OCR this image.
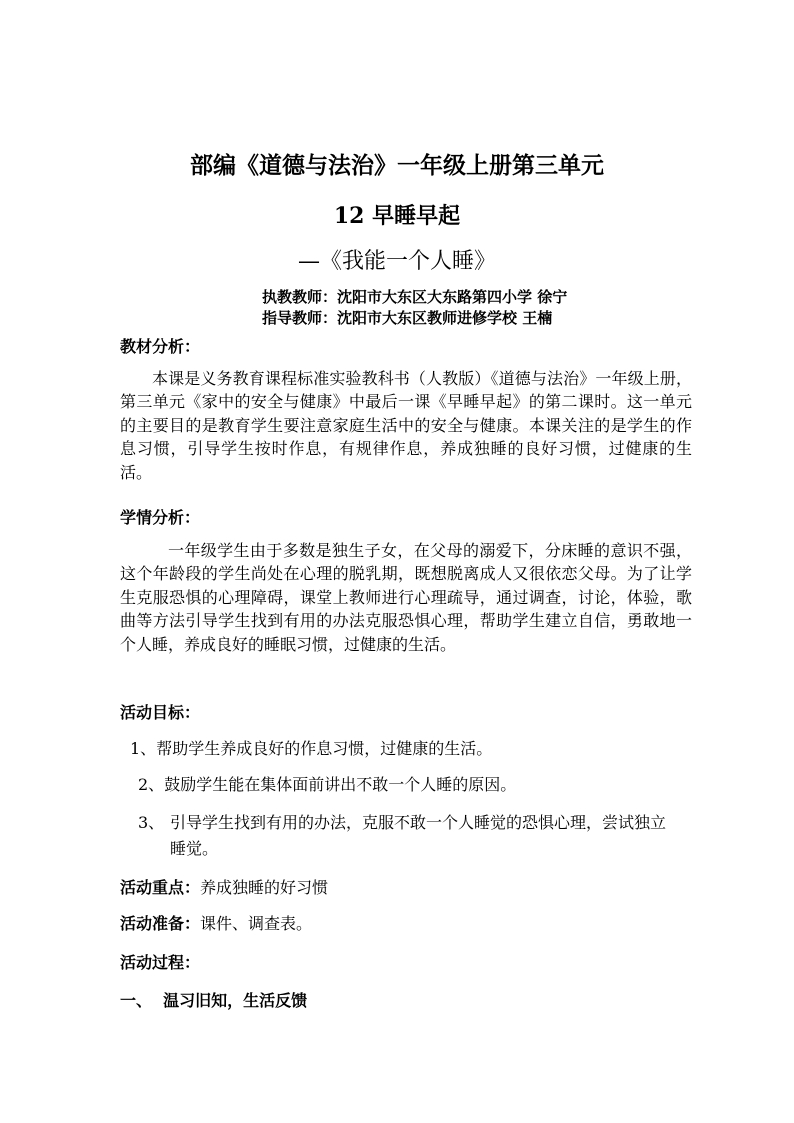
部编《道德与法治》一年级上册第三单元
12 早睡早起
—《我能一个人睡》
执教教师：沈阳市大东区大东路第四小学 徐宁
指导教师：沈阳市大东区教师进修学校 王楠
教材分析：
本课是义务教育课程标准实验教科书（人教版）《道德与法治》一年级上册，第三单元《家中的安全与健康》中最后一课《早睡早起》的第二课时。这一单元的主要目的是教育学生要注意家庭生活中的安全与健康。本课关注的是学生的作息习惯，引导学生按时作息，有规律作息，养成独睡的良好习惯，过健康的生活。
学情分析：
一年级学生由于多数是独生子女，在父母的溺爱下，分床睡的意识不强，这个年龄段的学生尚处在心理的脱乳期，既想脱离成人又很依恋父母。为了让学生克服恐惧的心理障碍，课堂上教师进行心理疏导，通过调查，讨论，体验，歌曲等方法引导学生找到有用的办法克服恐惧心理，帮助学生建立自信，勇敢地一个人睡，养成良好的睡眠习惯，过健康的生活。
活动目标：
1、帮助学生养成良好的作息习惯，过健康的生活。
2、鼓励学生能在集体面前讲出不敢一个人睡的原因。
3、 引导学生找到有用的办法，克服不敢一个人睡觉的恐惧心理，尝试独立睡觉。
活动重点：养成独睡的好习惯
活动准备：课件、调查表。
活动过程：
一、  温习旧知，生活反馈
